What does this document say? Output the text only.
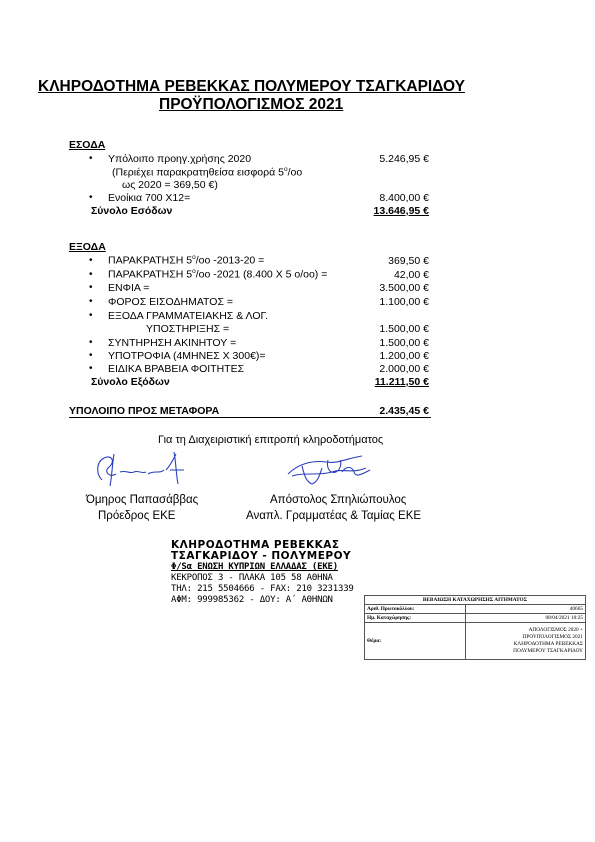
ΚΛΗΡΟΔΟΤΗΜΑ ΡΕΒΕΚΚΑΣ ΠΟΛΥΜΕΡΟΥ ΤΣΑΓΚΑΡΙΔΟΥ
ΠΡΟΫΠΟΛΟΓΙΣΜΟΣ 2021
ΕΣΟΔΑ
• Υπόλοιπο προηγ.χρήσης 2020	5.246,95 €
(Περιέχει παρακρατηθείσα εισφορά $5^o/oo$
ως 2020 = 369,50 €)
• Ενοίκια 700 Χ12=	8.400,00 €
Σύνολο Εσόδων	13.646,95 €
ΕΞΟΔΑ
• ΠΑΡΑΚΡΑΤΗΣΗ $5^o/oo$ -2013-20 =	369,50 €
• ΠΑΡΑΚΡΑΤΗΣΗ $5^o/oo$ -2021 (8.400 Χ 5 ο/οο) =	42,00 €
• ΕΝΦΙΑ =	3.500,00 €
• ΦΟΡΟΣ ΕΙΣΟΔΗΜΑΤΟΣ =	1.100,00 €
• ΕΞΟΔΑ ΓΡΑΜΜΑΤΕΙΑΚΗΣ & ΛΟΓ.
ΥΠΟΣΤΗΡΙΞΗΣ =	1.500,00 €
• ΣΥΝΤΗΡΗΣΗ ΑΚΙΝΗΤΟΥ =	1.500,00 €
• ΥΠΟΤΡΟΦΙΑ (4ΜΗΝΕΣ Χ 300€)=	1.200,00 €
• ΕΙΔΙΚΑ ΒΡΑΒΕΙΑ ΦΟΙΤΗΤΕΣ	2.000,00 €
Σύνολο Εξόδων	11.211,50 €
ΥΠΟΛΟΙΠΟ ΠΡΟΣ ΜΕΤΑΦΟΡΑ	2.435,45 €
Για τη Διαχειριστική επιτροπή κληροδοτήματος
Όμηρος Παπασάββας
Πρόεδρος ΕΚΕ
Απόστολος Σπηλιώπουλος
Αναπλ. Γραμματέας & Ταμίας ΕΚΕ
ΚΛΗΡΟΔΟΤΗΜΑ ΡΕΒΕΚΚΑΣ
ΤΣΑΓΚΑΡΙΔΟΥ - ΠΟΛΥΜΕΡΟΥ
Φ/Sα ΕΝΩΣΗ ΚΥΠΡΙΩΝ ΕΛΛΑΔΑΣ (ΕΚΕ)
ΚΕΚΡΟΠΟΣ 3 - ΠΛΑΚΑ 105 58 ΑΘΗΝΑ
ΤΗΛ: 215 5504666 - FAX: 210 3231339
ΑΦΜ: 999985362 - ΔΟΥ: Α΄ ΑΘΗΝΩΝ	ΒΕΒΑΙΩΣΗ ΚΑΤΑΧΩΡΗΣΗΣ ΑΙΤΗΜΑΤΟΣ	
Αριθ. Πρωτοκόλλου:	40665
Ημ. Καταχώρησης:	08/04/2021 10:25
Θέμα:	ΑΠΟΛΟΓΙΣΜΟΣ 2020 +
ΠΡΟΥΠΟΛΟΓΙΣΜΟΣ 2021
ΚΛΗΡΟΔΟΤΗΜΑ ΡΕΒΕΚΚΑΣ
ΠΟΛΥΜΕΡΟΥ ΤΣΑΓΚΑΡΙΔΟΥ
